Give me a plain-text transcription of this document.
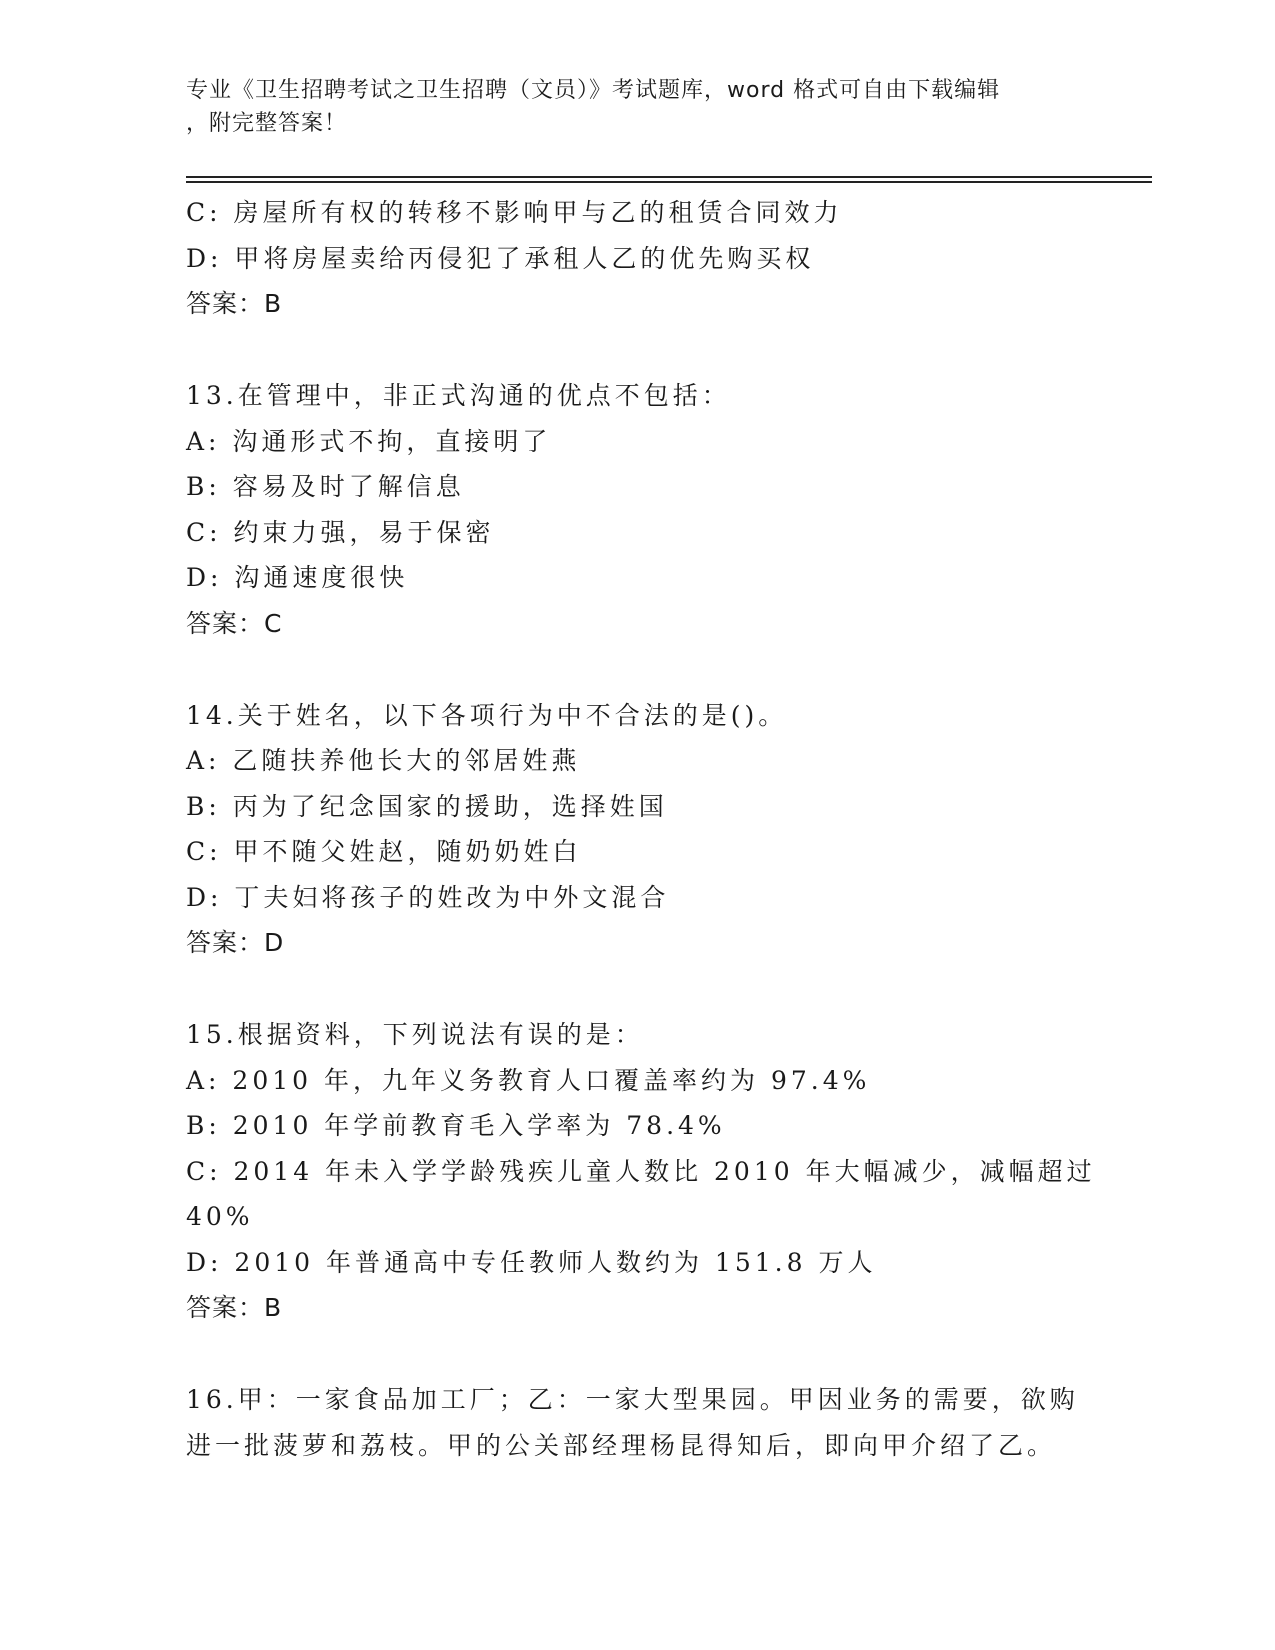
专业《卫生招聘考试之卫生招聘（文员）》考试题库，word 格式可自由下载编辑
，附完整答案！
C: 房屋所有权的转移不影响甲与乙的租赁合同效力
D: 甲将房屋卖给丙侵犯了承租人乙的优先购买权
答案：B
13.在管理中，非正式沟通的优点不包括：
A: 沟通形式不拘，直接明了
B: 容易及时了解信息
C: 约束力强，易于保密
D: 沟通速度很快
答案：C
14.关于姓名，以下各项行为中不合法的是()。
A: 乙随扶养他长大的邻居姓燕
B: 丙为了纪念国家的援助，选择姓国
C: 甲不随父姓赵，随奶奶姓白
D: 丁夫妇将孩子的姓改为中外文混合
答案：D
15.根据资料，下列说法有误的是：
A: 2010 年，九年义务教育人口覆盖率约为 97.4%
B: 2010 年学前教育毛入学率为 78.4%
C: 2014 年未入学学龄残疾儿童人数比 2010 年大幅减少，减幅超过
40%
D: 2010 年普通高中专任教师人数约为 151.8 万人
答案：B
16.甲：一家食品加工厂；乙：一家大型果园。甲因业务的需要，欲购
进一批菠萝和荔枝。甲的公关部经理杨昆得知后，即向甲介绍了乙。
